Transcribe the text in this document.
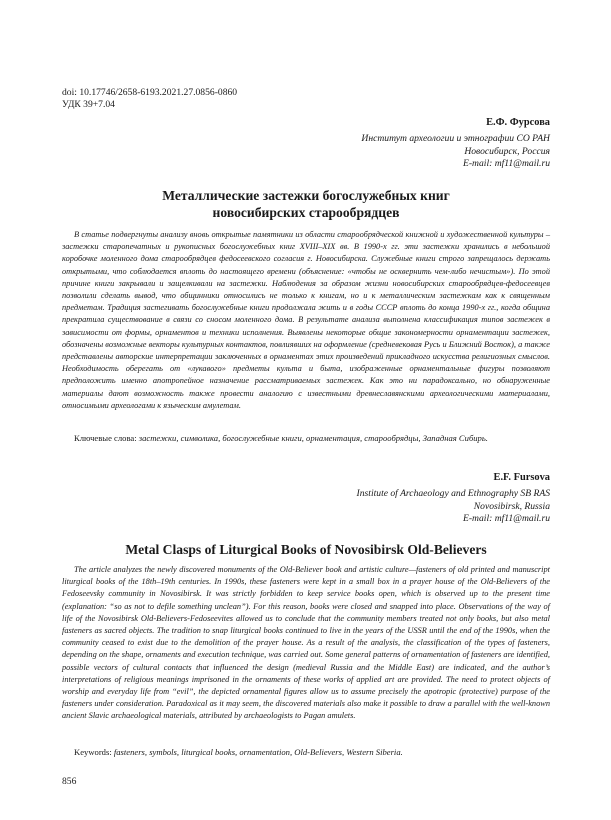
doi: 10.17746/2658-6193.2021.27.0856-0860
УДК 39+7.04
Е.Ф. Фурсова
Институт археологии и этнографии СО РАН
Новосибирск, Россия
E-mail: mf11@mail.ru
Металлические застежки богослужебных книг
новосибирских старообрядцев

В статье подвергнуты анализу вновь открытые памятники из области старообрядческой книжной и художественной культуры – застежки старопечатных и рукописных богослужебных книг XVIII–XIX вв. В 1990-х гг. эти застежки хранились в небольшой коробочке моленного дома старообрядцев федосеевского согласия г. Новосибирска. Служебные книги строго запрещалось держать открытыми, что соблюдается вплоть до настоящего времени (объяснение: «чтобы не осквернить чем-либо нечистым»). По этой причине книги закрывали и защелкивали на застежки. Наблюдения за образом жизни новосибирских старообрядцев-федосеевцев позволили сделать вывод, что общинники относились не только к книгам, но и к металлическим застежкам как к священным предметам. Традиция застегивать богослужебные книги продолжала жить и в годы СССР вплоть до конца 1990-х гг., когда община прекратила существование в связи со сносом моленного дома. В результате анализа выполнена классификация типов застежек в зависимости от формы, орнаментов и техники исполнения. Выявлены некоторые общие закономерности орнаментации застежек, обозначены возможные векторы культурных контактов, повлиявших на оформление (средневековая Русь и Ближний Восток), а также представлены авторские интерпретации заключенных в орнаментах этих произведений прикладного искусства религиозных смыслов. Необходимость оберегать от «лукавого» предметы культа и быта, изображенные орнаментальные фигуры позволяют предположить именно апотропейное назначение рассматриваемых застежек. Как это ни парадоксально, но обнаруженные материалы дают возможность также провести аналогию с известными древнеславянскими археологическими материалами, относимыми археологами к языческим амулетам.

Ключевые слова: застежки, символика, богослужебные книги, орнаментация, старообрядцы, Западная Сибирь.

E.F. Fursova
Institute of Archaeology and Ethnography SB RAS
Novosibirsk, Russia
E-mail: mf11@mail.ru
Metal Clasps of Liturgical Books of Novosibirsk Old-Believers

The article analyzes the newly discovered monuments of the Old-Believer book and artistic culture—fasteners of old printed and manuscript liturgical books of the 18th–19th centuries. In 1990s, these fasteners were kept in a small box in a prayer house of the Old-Believers of the Fedoseevsky community in Novosibirsk. It was strictly forbidden to keep service books open, which is observed up to the present time (explanation: “so as not to defile something unclean”). For this reason, books were closed and snapped into place. Observations of the way of life of the Novosibirsk Old-Believers-Fedoseevites allowed us to conclude that the community members treated not only books, but also metal fasteners as sacred objects. The tradition to snap liturgical books continued to live in the years of the USSR until the end of the 1990s, when the community ceased to exist due to the demolition of the prayer house. As a result of the analysis, the classification of the types of fasteners, depending on the shape, ornaments and execution technique, was carried out. Some general patterns of ornamentation of fasteners are identified, possible vectors of cultural contacts that influenced the design (medieval Russia and the Middle East) are indicated, and the author’s interpretations of religious meanings imprisoned in the ornaments of these works of applied art are provided. The need to protect objects of worship and everyday life from “evil”, the depicted ornamental figures allow us to assume precisely the apotropic (protective) purpose of the fasteners under consideration. Paradoxical as it may seem, the discovered materials also make it possible to draw a parallel with the well-known ancient Slavic archaeological materials, attributed by archaeologists to Pagan amulets.

Keywords: fasteners, symbols, liturgical books, ornamentation, Old-Believers, Western Siberia.

856
